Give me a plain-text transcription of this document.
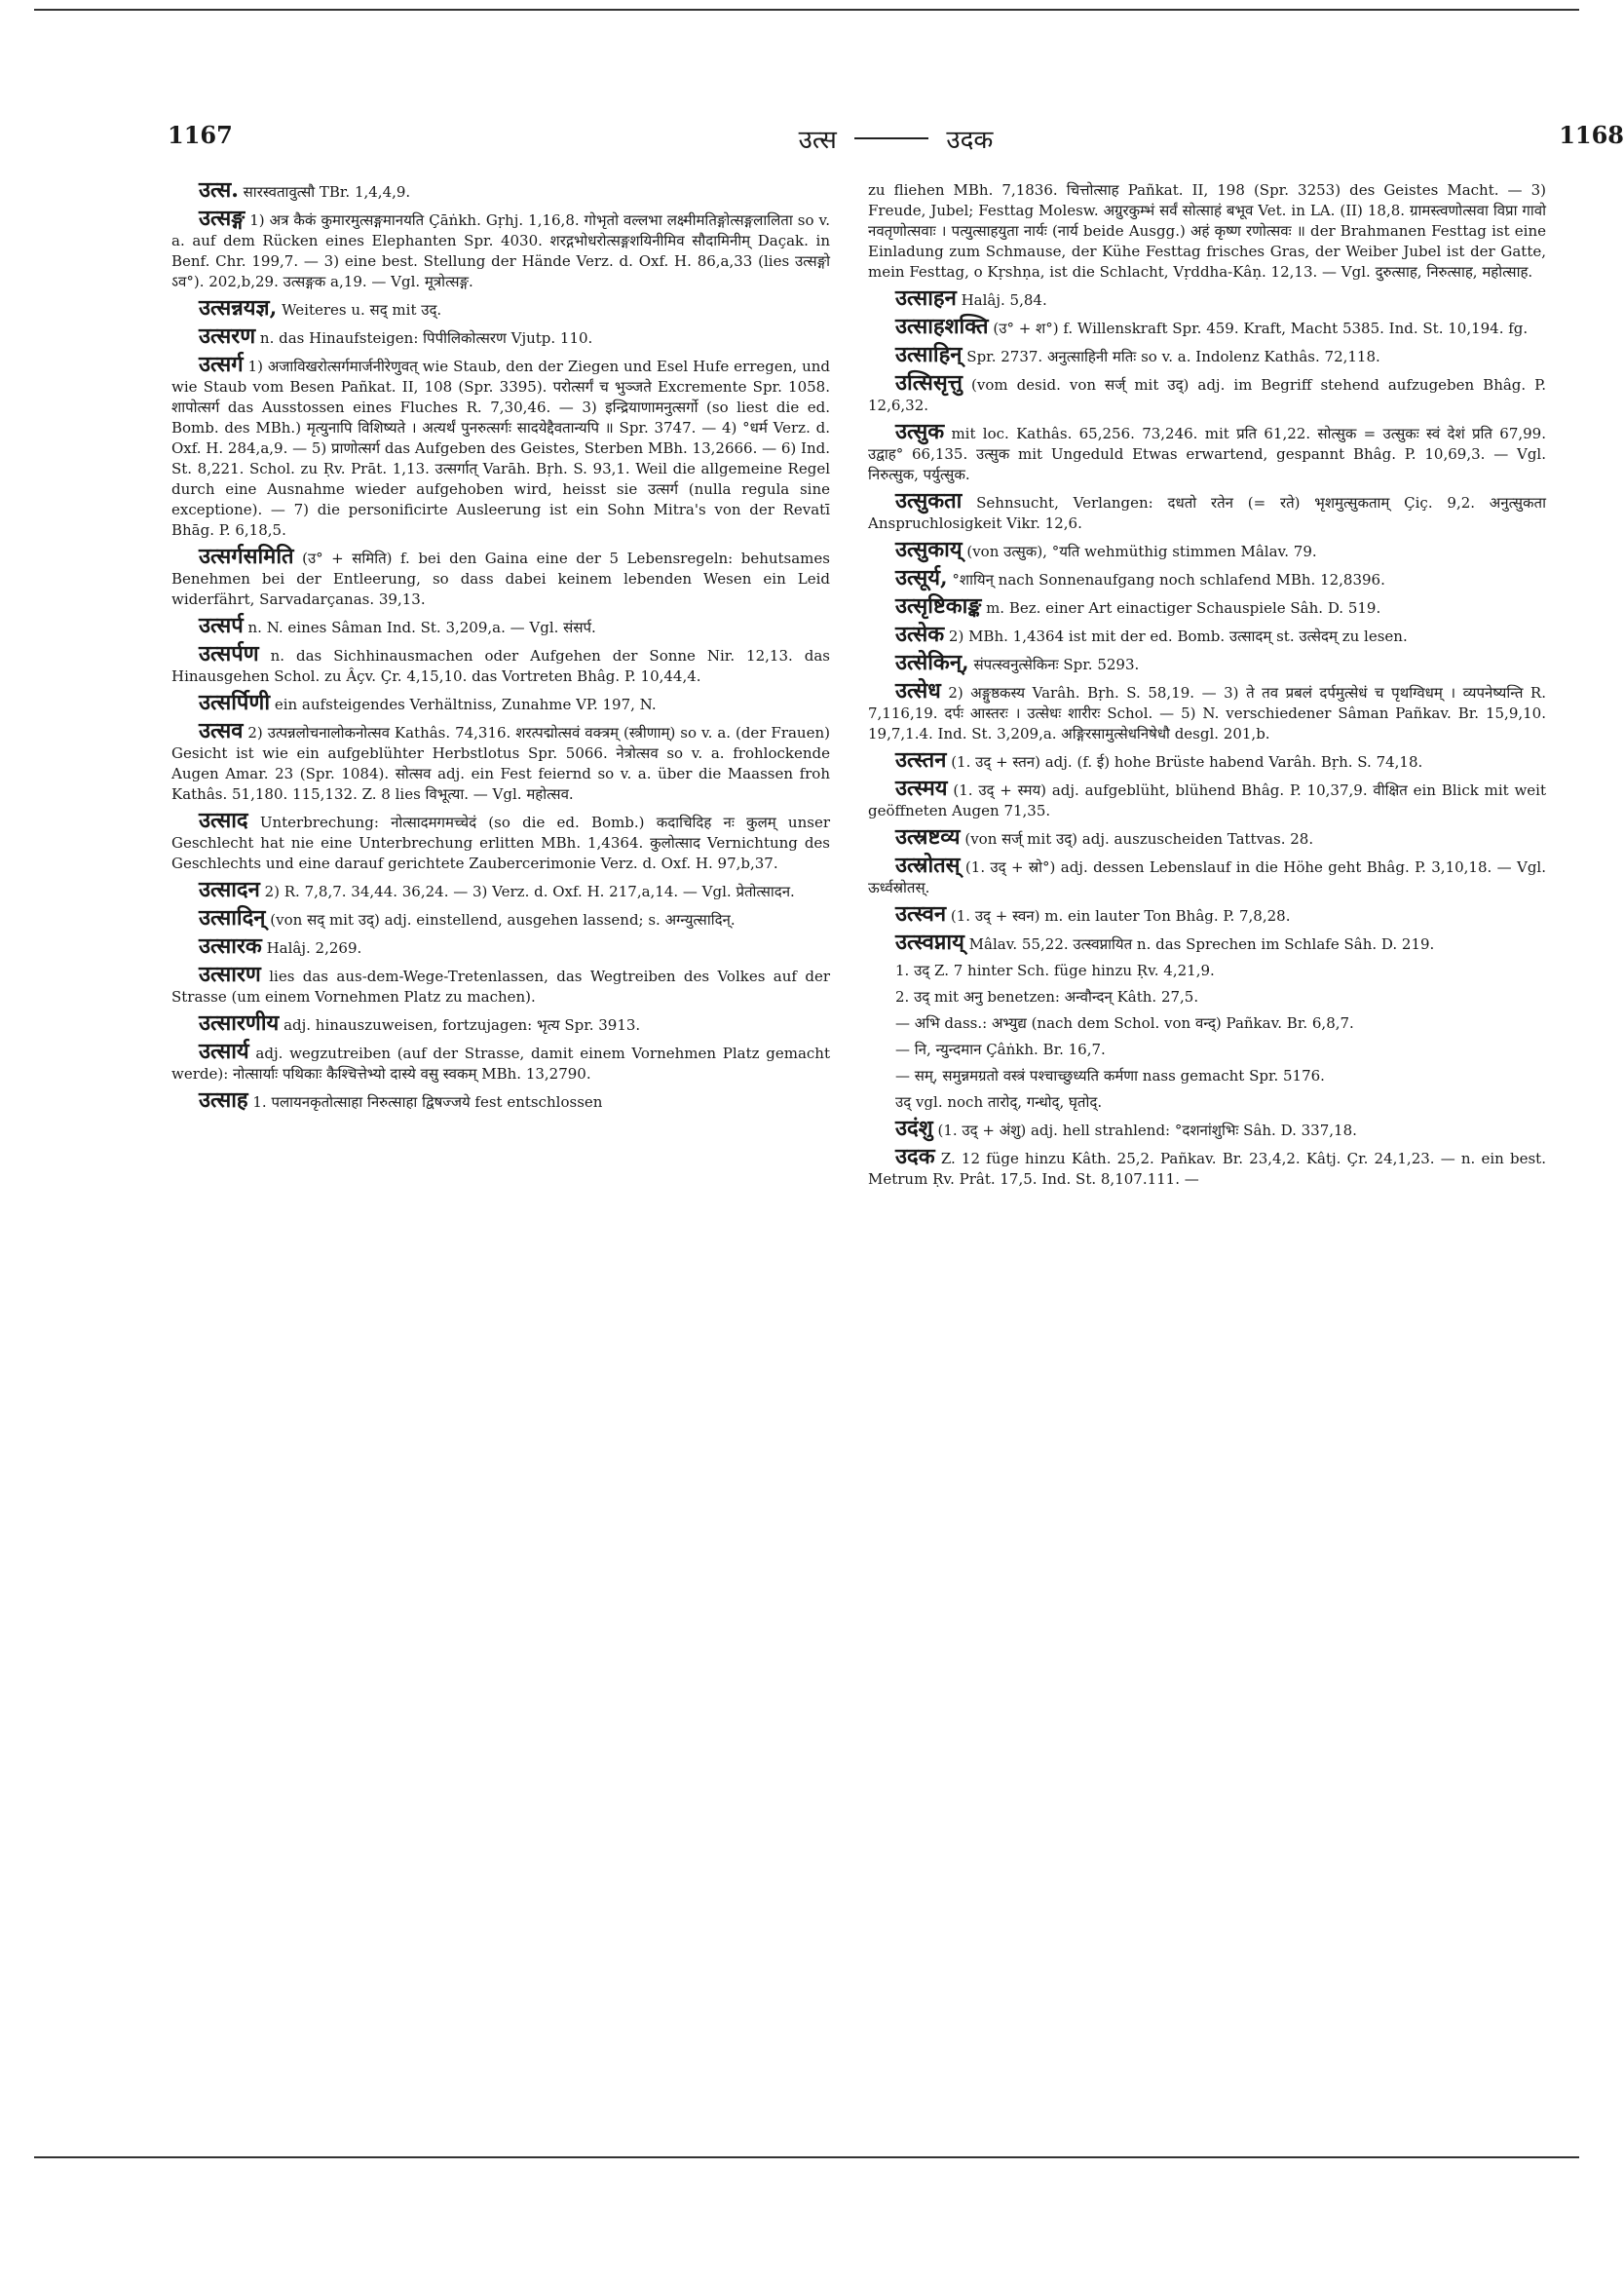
1167	उत्स	उदक	1168

उत्स. सारस्वतावुत्सौ TBr. 1,4,4,9.

उत्सङ्ग 1) अत्र कैकं कुमारमुत्सङ्गमानयति Çāṅkh. Gṛhj. 1,16,8. गोभृतो वल्लभा लक्ष्मीमतिङ्गोत्सङ्गलालिता so v. a. auf dem Rücken eines Elephanten Spr. 4030. शरद्गभोधरोत्सङ्गशयिनीमिव सौदामिनीम् Daçak. in Benf. Chr. 199,7. — 3) eine best. Stellung der Hände Verz. d. Oxf. H. 86,a,33 (lies उत्सङ्गो ऽव°). 202,b,29. उत्सङ्गक a,19. — Vgl. मूत्रोत्सङ्ग.

उत्सन्नयज्ञ, Weiteres u. सद् mit उद्.

उत्सरण n. das Hinaufsteigen: पिपीलिकोत्सरण Vjutp. 110.

उत्सर्ग 1) अजाविखरोत्सर्गमार्जनीरेणुवत् wie Staub, den der Ziegen und Esel Hufe erregen, und wie Staub vom Besen Pañkat. II, 108 (Spr. 3395). परोत्सर्गं च भुञ्जते Excremente Spr. 1058. शापोत्सर्ग das Ausstossen eines Fluches R. 7,30,46. — 3) इन्द्रियाणामनुत्सर्गो (so liest die ed. Bomb. des MBh.) मृत्युनापि विशिष्यते । अत्यर्थं पुनरुत्सर्गः सादयेद्दैवतान्यपि ॥ Spr. 3747. — 4) °धर्म Verz. d. Oxf. H. 284,a,9. — 5) प्राणोत्सर्ग das Aufgeben des Geistes, Sterben MBh. 13,2666. — 6) Ind. St. 8,221. Schol. zu Ṛv. Prāt. 1,13. उत्सर्गात् Varāh. Bṛh. S. 93,1. Weil die allgemeine Regel durch eine Ausnahme wieder aufgehoben wird, heisst sie उत्सर्ग (nulla regula sine exceptione). — 7) die personificirte Ausleerung ist ein Sohn Mitra's von der Revatī Bhāg. P. 6,18,5.

उत्सर्गसमिति (उ° + समिति) f. bei den Gaina eine der 5 Lebensregeln: behutsames Benehmen bei der Entleerung, so dass dabei keinem lebenden Wesen ein Leid widerfährt, Sarvadarçanas. 39,13.

उत्सर्प n. N. eines Sâman Ind. St. 3,209,a. — Vgl. संसर्प.

उत्सर्पण n. das Sichhinausmachen oder Aufgehen der Sonne Nir. 12,13. das Hinausgehen Schol. zu Âçv. Çr. 4,15,10. das Vortreten Bhâg. P. 10,44,4.

उत्सर्पिणी ein aufsteigendes Verhältniss, Zunahme VP. 197, N.

उत्सव 2) उत्पन्नलोचनालोकनोत्सव Kathâs. 74,316. शरत्पद्मोत्सवं वक्त्रम् (स्त्रीणाम्) so v. a. (der Frauen) Gesicht ist wie ein aufgeblühter Herbstlotus Spr. 5066. नेत्रोत्सव so v. a. frohlockende Augen Amar. 23 (Spr. 1084). सोत्सव adj. ein Fest feiernd so v. a. über die Maassen froh Kathâs. 51,180. 115,132. Z. 8 lies विभूत्या. — Vgl. महोत्सव.

उत्साद Unterbrechung: नोत्सादमगमच्चेदं (so die ed. Bomb.) कदाचिदिह नः कुलम् unser Geschlecht hat nie eine Unterbrechung erlitten MBh. 1,4364. कुलोत्साद Vernichtung des Geschlechts und eine darauf gerichtete Zaubercerimonie Verz. d. Oxf. H. 97,b,37.

उत्सादन 2) R. 7,8,7. 34,44. 36,24. — 3) Verz. d. Oxf. H. 217,a,14. — Vgl. प्रेतोत्सादन.

उत्सादिन् (von सद् mit उद्) adj. einstellend, ausgehen lassend; s. अग्न्युत्सादिन्.

उत्सारक Halâj. 2,269.

उत्सारण lies das aus-dem-Wege-Tretenlassen, das Wegtreiben des Volkes auf der Strasse (um einem Vornehmen Platz zu machen).

उत्सारणीय adj. hinauszuweisen, fortzujagen: भृत्य Spr. 3913.

उत्सार्य adj. wegzutreiben (auf der Strasse, damit einem Vornehmen Platz gemacht werde): नोत्सार्याः पथिकाः कैश्चित्तेभ्यो दास्ये वसु स्वकम् MBh. 13,2790.

उत्साह 1. पलायनकृतोत्साहा निरुत्साहा द्विषज्जये fest entschlossen

zu fliehen MBh. 7,1836. चित्तोत्साह Pañkat. II, 198 (Spr. 3253) des Geistes Macht. — 3) Freude, Jubel; Festtag Molesw. अग्रुरकुम्भं सर्वं सोत्साहं बभूव Vet. in LA. (II) 18,8. ग्रामस्त्वणोत्सवा विप्रा गावो नवतृणोत्सवाः । पत्युत्साहयुता नार्यः (नार्य beide Ausgg.) अहं कृष्ण रणोत्सवः ॥ der Brahmanen Festtag ist eine Einladung zum Schmause, der Kühe Festtag frisches Gras, der Weiber Jubel ist der Gatte, mein Festtag, o Kṛshṇa, ist die Schlacht, Vṛddha-Kâṇ. 12,13. — Vgl. दुरुत्साह, निरुत्साह, महोत्साह.

उत्साहन Halâj. 5,84.

उत्साहशक्ति (उ° + श°) f. Willenskraft Spr. 459. Kraft, Macht 5385. Ind. St. 10,194. fg.

उत्साहिन् Spr. 2737. अनुत्साहिनी मतिः so v. a. Indolenz Kathâs. 72,118.

उत्सिसृत्तु (vom desid. von सर्ज् mit उद्) adj. im Begriff stehend aufzugeben Bhâg. P. 12,6,32.

उत्सुक mit loc. Kathâs. 65,256. 73,246. mit प्रति 61,22. सोत्सुक = उत्सुकः स्वं देशं प्रति 67,99. उद्वाह° 66,135. उत्सुक mit Ungeduld Etwas erwartend, gespannt Bhâg. P. 10,69,3. — Vgl. निरुत्सुक, पर्युत्सुक.

उत्सुकता Sehnsucht, Verlangen: दधतो रतेन (= रते) भृशमुत्सुकताम् Çiç. 9,2. अनुत्सुकता Anspruchlosigkeit Vikr. 12,6.

उत्सुकाय् (von उत्सुक), °यति wehmüthig stimmen Mâlav. 79.

उत्सूर्य, °शायिन् nach Sonnenaufgang noch schlafend MBh. 12,8396.

उत्सृष्टिकाङ्क m. Bez. einer Art einactiger Schauspiele Sâh. D. 519.

उत्सेक 2) MBh. 1,4364 ist mit der ed. Bomb. उत्सादम् st. उत्सेदम् zu lesen.

उत्सेकिन्, संपत्स्वनुत्सेकिनः Spr. 5293.

उत्सेध 2) अङ्गुष्ठकस्य Varâh. Bṛh. S. 58,19. — 3) ते तव प्रबलं दर्पमुत्सेधं च पृथग्विधम् । व्यपनेष्यन्ति R. 7,116,19. दर्पः आस्तरः । उत्सेधः शारीरः Schol. — 5) N. verschiedener Sâman Pañkav. Br. 15,9,10. 19,7,1.4. Ind. St. 3,209,a. अङ्गिरसामुत्सेधनिषेधौ desgl. 201,b.

उत्स्तन (1. उद् + स्तन) adj. (f. ई) hohe Brüste habend Varâh. Bṛh. S. 74,18.

उत्स्मय (1. उद् + स्मय) adj. aufgeblüht, blühend Bhâg. P. 10,37,9. वीक्षित ein Blick mit weit geöffneten Augen 71,35.

उत्स्रष्टव्य (von सर्ज् mit उद्) adj. auszuscheiden Tattvas. 28.

उत्स्रोतस् (1. उद् + स्रो°) adj. dessen Lebenslauf in die Höhe geht Bhâg. P. 3,10,18. — Vgl. ऊर्ध्वस्रोतस्.

उत्स्वन (1. उद् + स्वन) m. ein lauter Ton Bhâg. P. 7,8,28.

उत्स्वप्नाय् Mâlav. 55,22. उत्स्वप्नायित n. das Sprechen im Schlafe Sâh. D. 219.

1. उद् Z. 7 hinter Sch. füge hinzu Ṛv. 4,21,9.

2. उद् mit अनु benetzen: अन्वौन्दन् Kâth. 27,5.

— अभि dass.: अभ्युद्य (nach dem Schol. von वन्द्) Pañkav. Br. 6,8,7.

— नि, न्युन्दमान Çâṅkh. Br. 16,7.

— सम्, समुन्नमग्रतो वस्त्रं पश्चाच्छुध्यति कर्मणा nass gemacht Spr. 5176.

उद् vgl. noch तारोद्, गन्धोद्, घृतोद्.

उदंशु (1. उद् + अंशु) adj. hell strahlend: °दशनांशुभिः Sâh. D. 337,18.

उदक Z. 12 füge hinzu Kâth. 25,2. Pañkav. Br. 23,4,2. Kâtj. Çr. 24,1,23. — n. ein best. Metrum Ṛv. Prât. 17,5. Ind. St. 8,107.111. —
